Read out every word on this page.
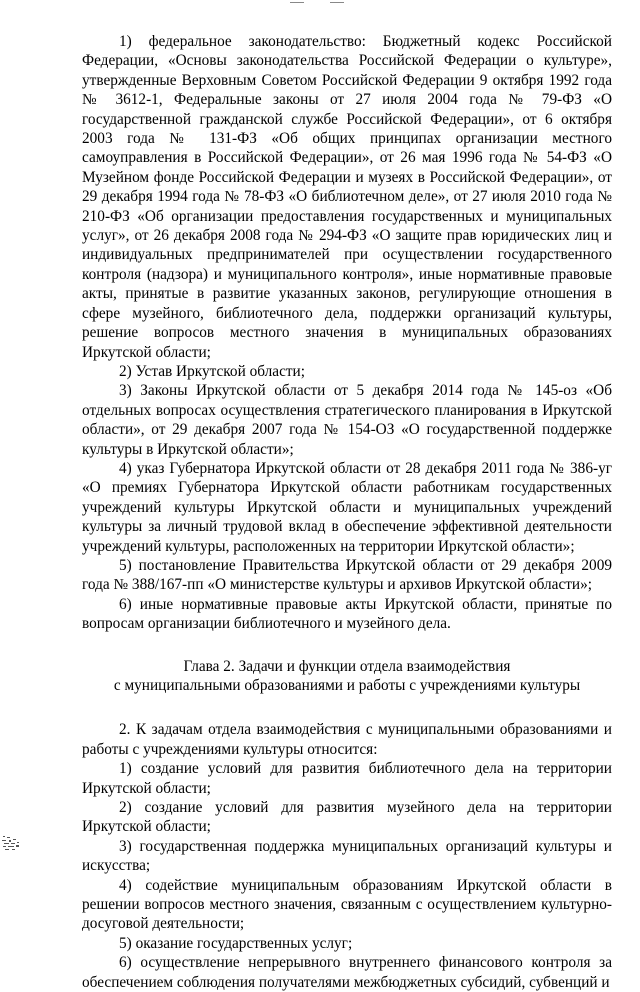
1) федеральное законодательство: Бюджетный кодекс Российской Федерации, «Основы законодательства Российской Федерации о культуре», утвержденные Верховным Советом Российской Федерации 9 октября 1992 года № 3612-1, Федеральные законы от 27 июля 2004 года № 79-ФЗ «О государственной гражданской службе Российской Федерации», от 6 октября 2003 года № 131-ФЗ «Об общих принципах организации местного самоуправления в Российской Федерации», от 26 мая 1996 года № 54-ФЗ «О Музейном фонде Российской Федерации и музеях в Российской Федерации», от 29 декабря 1994 года № 78-ФЗ «О библиотечном деле», от 27 июля 2010 года № 210-ФЗ «Об организации предоставления государственных и муниципальных услуг», от 26 декабря 2008 года № 294-ФЗ «О защите прав юридических лиц и индивидуальных предпринимателей при осуществлении государственного контроля (надзора) и муниципального контроля», иные нормативные правовые акты, принятые в развитие указанных законов, регулирующие отношения в сфере музейного, библиотечного дела, поддержки организаций культуры, решение вопросов местного значения в муниципальных образованиях Иркутской области;

2) Устав Иркутской области;

3) Законы Иркутской области от 5 декабря 2014 года № 145-оз «Об отдельных вопросах осуществления стратегического планирования в Иркутской области», от 29 декабря 2007 года № 154-ОЗ «О государственной поддержке культуры в Иркутской области»;

4) указ Губернатора Иркутской области от 28 декабря 2011 года № 386-уг «О премиях Губернатора Иркутской области работникам государственных учреждений культуры Иркутской области и муниципальных учреждений культуры за личный трудовой вклад в обеспечение эффективной деятельности учреждений культуры, расположенных на территории Иркутской области»;

5) постановление Правительства Иркутской области от 29 декабря 2009 года № 388/167-пп «О министерстве культуры и архивов Иркутской области»;

6) иные нормативные правовые акты Иркутской области, принятые по вопросам организации библиотечного и музейного дела.

Глава 2. Задачи и функции отдела взаимодействия
с муниципальными образованиями и работы с учреждениями культуры

2. К задачам отдела взаимодействия с муниципальными образованиями и работы с учреждениями культуры относится:

1) создание условий для развития библиотечного дела на территории Иркутской области;

2) создание условий для развития музейного дела на территории Иркутской области;

3) государственная поддержка муниципальных организаций культуры и искусства;

4) содействие муниципальным образованиям Иркутской области в решении вопросов местного значения, связанным с осуществлением культурно-досуговой деятельности;

5) оказание государственных услуг;

6) осуществление непрерывного внутреннего финансового контроля за обеспечением соблюдения получателями межбюджетных субсидий, субвенций и
